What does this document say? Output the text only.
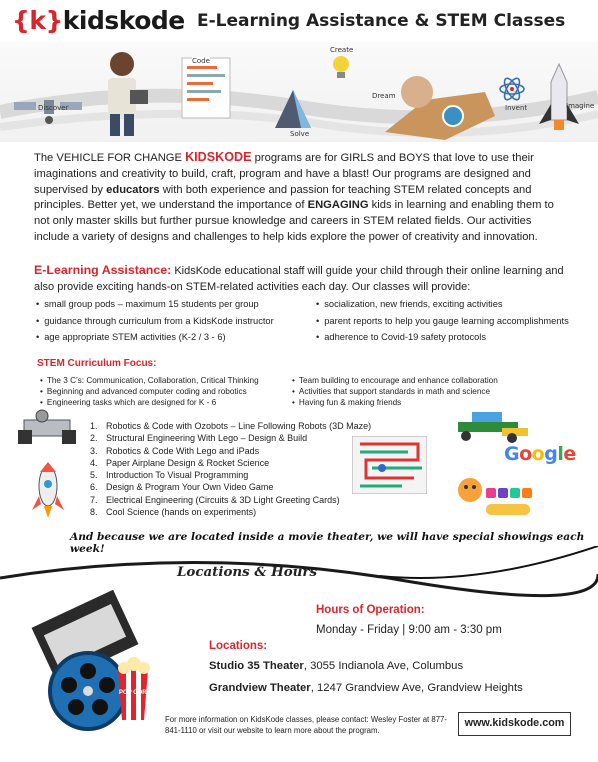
{k}kidskode E-Learning Assistance & STEM Classes
Discover
Code
Create
Solve
Dream
Invent	Imagine
The VEHICLE FOR CHANGE KIDSKODE programs are for GIRLS and BOYS that love to use their imaginations and creativity to build, craft, program and have a blast! Our programs are designed and supervised by educators with both experience and passion for teaching STEM related concepts and principles. Better yet, we understand the importance of ENGAGING kids in learning and enabling them to not only master skills but further pursue knowledge and careers in STEM related fields. Our activities include a variety of designs and challenges to help kids explore the power of creativity and innovation.
E-Learning Assistance: KidsKode educational staff will guide your child through their online learning and also provide exciting hands-on STEM-related activities each day. Our classes will provide:
• small group pods – maximum 15 students per group
• guidance through curriculum from a KidsKode instructor
• age appropriate STEM activities (K-2 / 3 - 6)
• socialization, new friends, exciting activities
• parent reports to help you gauge learning accomplishments
• adherence to Covid-19 safety protocols
STEM Curriculum Focus:
• The 3 C’s: Communication, Collaboration, Critical Thinking
• Beginning and advanced computer coding and robotics
• Engineering tasks which are designed for K - 6
• Team building to encourage and enhance collaboration
• Activities that support standards in math and science
• Having fun & making friends
1. Robotics & Code with Ozobots – Line Following Robots (3D Maze)
2. Structural Engineering With Lego – Design & Build
3. Robotics & Code With Lego and iPads
4. Paper Airplane Design & Rocket Science
5. Introduction To Visual Programming
6. Design & Program Your Own Video Game
7. Electrical Engineering (Circuits & 3D Light Greeting Cards)
8. Cool Science (hands on experiments)
Google
And because we are located inside a movie theater, we will have special showings each week!
POP CORN
Locations & Hours
Hours of Operation:
Monday - Friday | 9:00 am - 3:30 pm
Locations:
Studio 35 Theater, 3055 Indianola Ave, Columbus
Grandview Theater, 1247 Grandview Ave, Grandview Heights
For more information on KidsKode classes, please contact: Wesley Foster at 877-841-1110 or visit our website to learn more about the program.
www.kidskode.com
